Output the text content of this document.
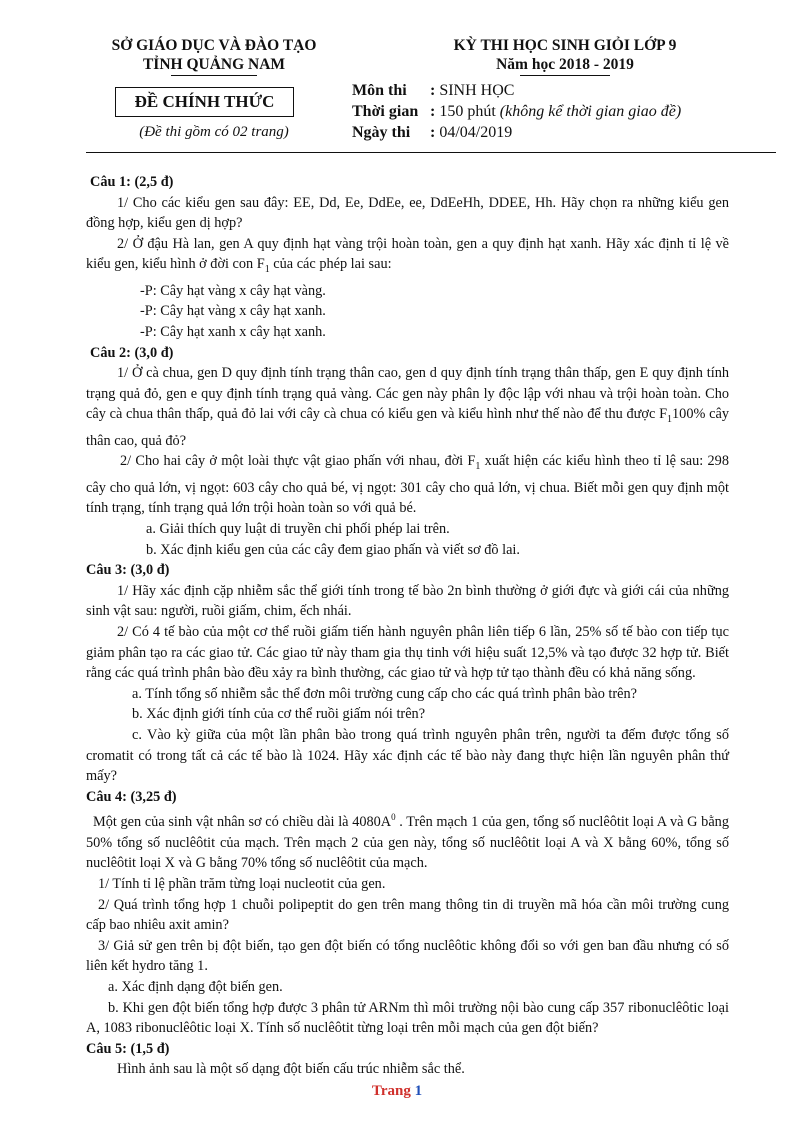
SỞ GIÁO DỤC VÀ ĐÀO TẠO
TỈNH QUẢNG NAM
ĐỀ CHÍNH THỨC
(Đề thi gồm có 02 trang)
KỲ THI HỌC SINH GIỎI LỚP 9
Năm học 2018 - 2019
Môn thi : SINH HỌC
Thời gian : 150 phút (không kể thời gian giao đề)
Ngày thi : 04/04/2019

Câu 1: (2,5 đ)

1/ Cho các kiểu gen sau đây: EE, Dd, Ee, DdEe, ee, DdEeHh, DDEE, Hh. Hãy chọn ra những kiểu gen đồng hợp, kiểu gen dị hợp?

2/ Ở đậu Hà lan, gen A quy định hạt vàng trội hoàn toàn, gen a quy định hạt xanh. Hãy xác định tỉ lệ về kiểu gen, kiểu hình ở đời con $F_1$ của các phép lai sau:

-P: Cây hạt vàng x cây hạt vàng.

-P: Cây hạt vàng x cây hạt xanh.

-P: Cây hạt xanh x cây hạt xanh.

Câu 2: (3,0 đ)

1/ Ở cà chua, gen D quy định tính trạng thân cao, gen d quy định tính trạng thân thấp, gen E quy định tính trạng quả đỏ, gen e quy định tính trạng quả vàng. Các gen này phân ly độc lập với nhau và trội hoàn toàn. Cho cây cà chua thân thấp, quả đỏ lai với cây cà chua có kiểu gen và kiểu hình như thế nào để thu được $F_1100\%$ cây thân cao, quả đỏ?

2/ Cho hai cây ở một loài thực vật giao phấn với nhau, đời $F_1$ xuất hiện các kiểu hình theo tỉ lệ sau: 298 cây cho quả lớn, vị ngọt: 603 cây cho quả bé, vị ngọt: 301 cây cho quả lớn, vị chua. Biết mỗi gen quy định một tính trạng, tính trạng quả lớn trội hoàn toàn so với quả bé.

a. Giải thích quy luật di truyền chi phối phép lai trên.

b. Xác định kiểu gen của các cây đem giao phấn và viết sơ đồ lai.

Câu 3: (3,0 đ)

1/ Hãy xác định cặp nhiễm sắc thể giới tính trong tế bào 2n bình thường ở giới đực và giới cái của những sinh vật sau: người, ruồi giấm, chim, ếch nhái.

2/ Có 4 tế bào của một cơ thể ruồi giấm tiến hành nguyên phân liên tiếp 6 lần, 25% số tế bào con tiếp tục giảm phân tạo ra các giao tử. Các giao tử này tham gia thụ tinh với hiệu suất 12,5% và tạo được 32 hợp tử. Biết rằng các quá trình phân bào đều xảy ra bình thường, các giao tử và hợp tử tạo thành đều có khả năng sống.

a. Tính tổng số nhiễm sắc thể đơn môi trường cung cấp cho các quá trình phân bào trên?

b. Xác định giới tính của cơ thể ruồi giấm nói trên?

c. Vào kỳ giữa của một lần phân bào trong quá trình nguyên phân trên, người ta đếm được tổng số cromatit có trong tất cả các tế bào là 1024. Hãy xác định các tế bào này đang thực hiện lần nguyên phân thứ mấy?

Câu 4: (3,25 đ)

Một gen của sinh vật nhân sơ có chiều dài là $4080A^0$ . Trên mạch 1 của gen, tổng số nuclêôtit loại A và G bằng 50% tổng số nuclêôtit của mạch. Trên mạch 2 của gen này, tổng số nuclêôtit loại A và X bằng 60%, tổng số nuclêôtit loại X và G bằng 70% tổng số nuclêôtit của mạch.

1/ Tính tỉ lệ phần trăm từng loại nucleotit của gen.

2/ Quá trình tổng hợp 1 chuỗi polipeptit do gen trên mang thông tin di truyền mã hóa cần môi trường cung cấp bao nhiêu axit amin?

3/ Giả sử gen trên bị đột biến, tạo gen đột biến có tổng nuclêôtic không đổi so với gen ban đầu nhưng có số liên kết hydro tăng 1.

a. Xác định dạng đột biến gen.

b. Khi gen đột biến tổng hợp được 3 phân tử ARNm thì môi trường nội bào cung cấp 357 ribonuclêôtic loại A, 1083 ribonuclêôtic loại X. Tính số nuclêôtit từng loại trên mỗi mạch của gen đột biến?

Câu 5: (1,5 đ)

Hình ảnh sau là một số dạng đột biến cấu trúc nhiễm sắc thể.

Trang 1
